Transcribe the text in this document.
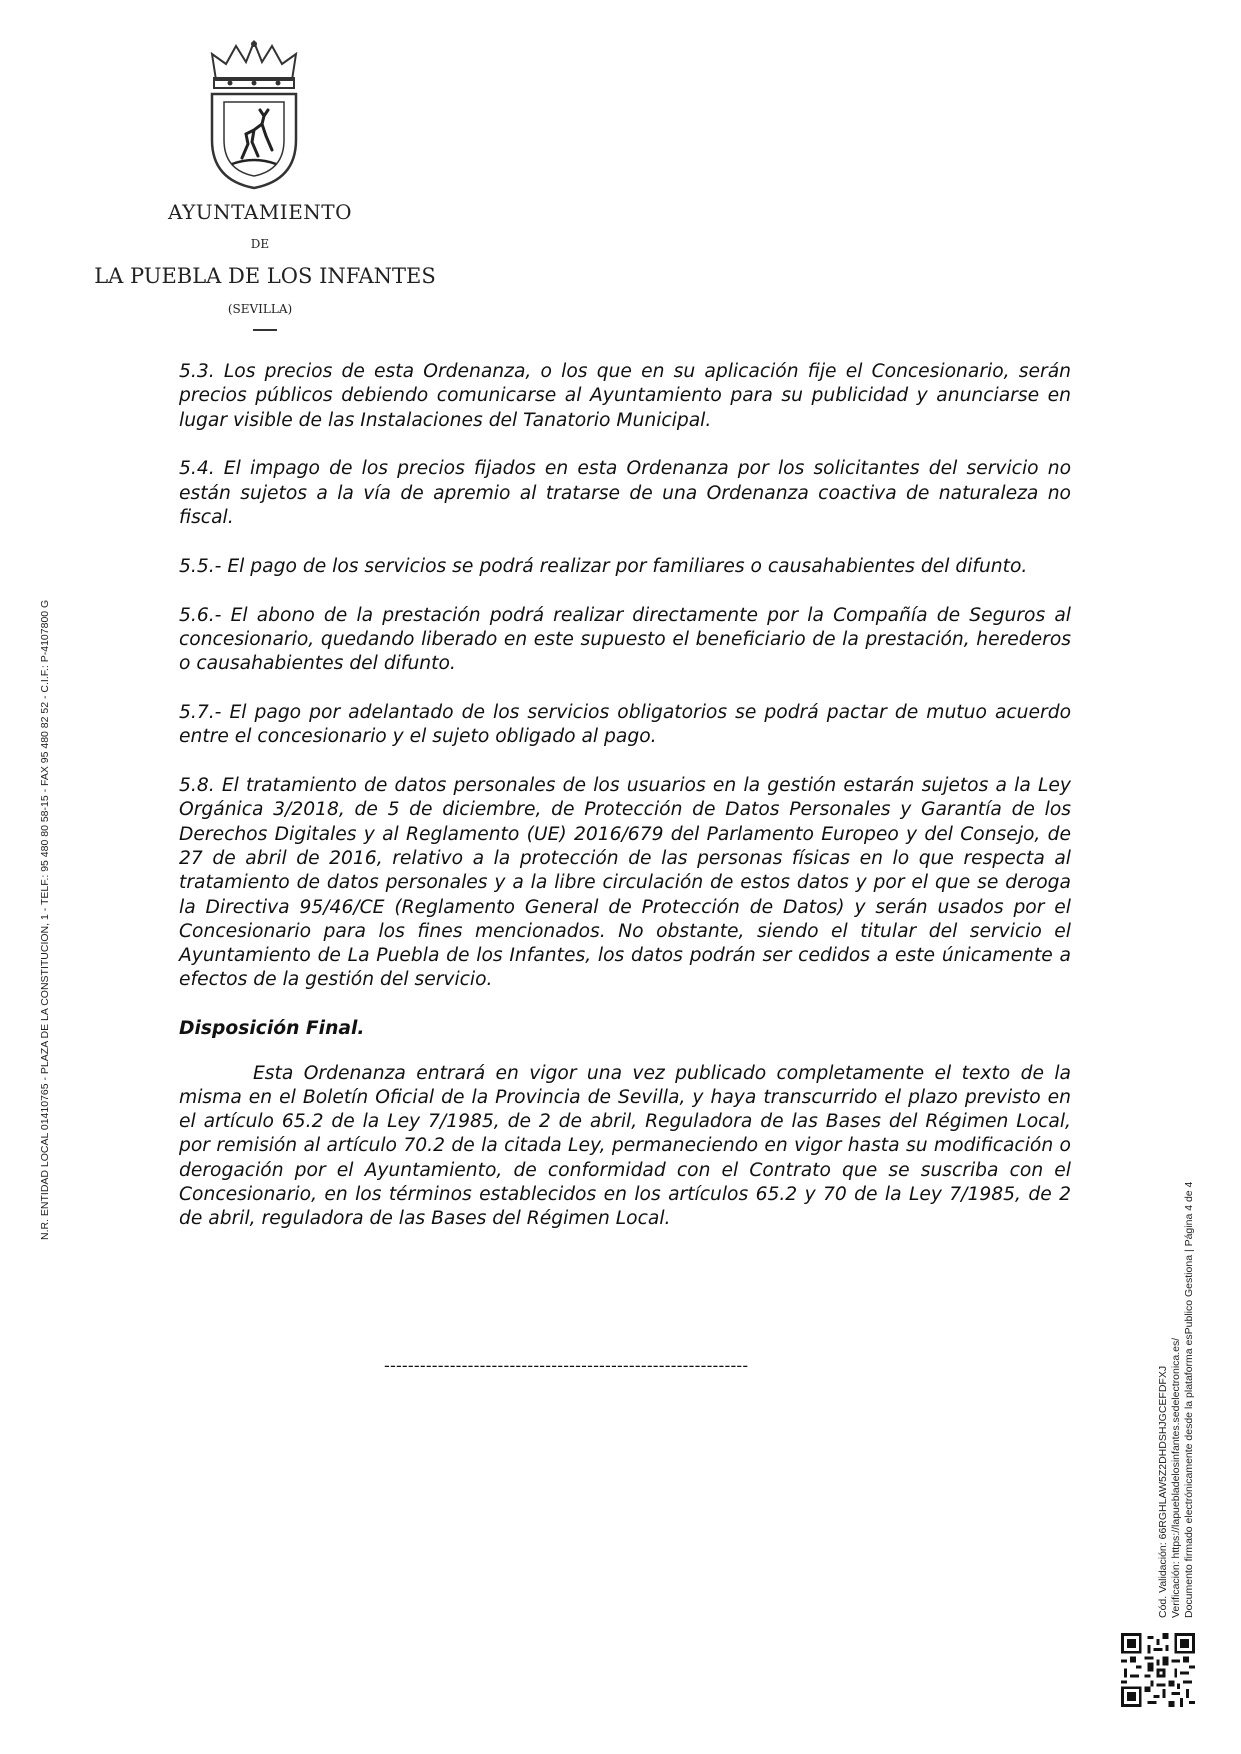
AYUNTAMIENTO
DE
LA PUEBLA DE LOS INFANTES
(SEVILLA)

5.3. Los precios de esta Ordenanza, o los que en su aplicación fije el Concesionario, serán precios públicos debiendo comunicarse al Ayuntamiento para su publicidad y anunciarse en lugar visible de las Instalaciones del Tanatorio Municipal.

5.4. El impago de los precios fijados en esta Ordenanza por los solicitantes del servicio no están sujetos a la vía de apremio al tratarse de una Ordenanza coactiva de naturaleza no fiscal.

5.5.- El pago de los servicios se podrá realizar por familiares o causahabientes del difunto.

5.6.- El abono de la prestación podrá realizar directamente por la Compañía de Seguros al concesionario, quedando liberado en este supuesto el beneficiario de la prestación, herederos o causahabientes del difunto.

5.7.- El pago por adelantado de los servicios obligatorios se podrá pactar de mutuo acuerdo entre el concesionario y el sujeto obligado al pago.

5.8. El tratamiento de datos personales de los usuarios en la gestión estarán sujetos a la Ley Orgánica 3/2018, de 5 de diciembre, de Protección de Datos Personales y Garantía de los Derechos Digitales y al Reglamento (UE) 2016/679 del Parlamento Europeo y del Consejo, de 27 de abril de 2016, relativo a la protección de las personas físicas en lo que respecta al tratamiento de datos personales y a la libre circulación de estos datos y por el que se deroga la Directiva 95/46/CE (Reglamento General de Protección de Datos) y serán usados por el Concesionario para los fines mencionados. No obstante, siendo el titular del servicio el Ayuntamiento de La Puebla de los Infantes, los datos podrán ser cedidos a este únicamente a efectos de la gestión del servicio.

Disposición Final.

Esta Ordenanza entrará en vigor una vez publicado completamente el texto de la misma en el Boletín Oficial de la Provincia de Sevilla, y haya transcurrido el plazo previsto en el artículo 65.2 de la Ley 7/1985, de 2 de abril, Reguladora de las Bases del Régimen Local, por remisión al artículo 70.2 de la citada Ley, permaneciendo en vigor hasta su modificación o derogación por el Ayuntamiento, de conformidad con el Contrato que se suscriba con el Concesionario, en los términos establecidos en los artículos 65.2 y 70 de la Ley 7/1985, de 2 de abril, reguladora de las Bases del Régimen Local.

-------------------------------------------------------------
N.R. ENTIDAD LOCAL 01410765 - PLAZA DE LA CONSTITUCION, 1 - TELF.: 95 480 80 58-15 - FAX 95 480 82 52 - C.I.F.: P-4107800 G
Cód. Validación: 66RGHLAW5Z2DHDSHJGCEFDFXJ Verificación: https://lapuebladelosinfantes.sedelectronica.es/ Documento firmado electrónicamente desde la plataforma esPublico Gestiona | Página 4 de 4
